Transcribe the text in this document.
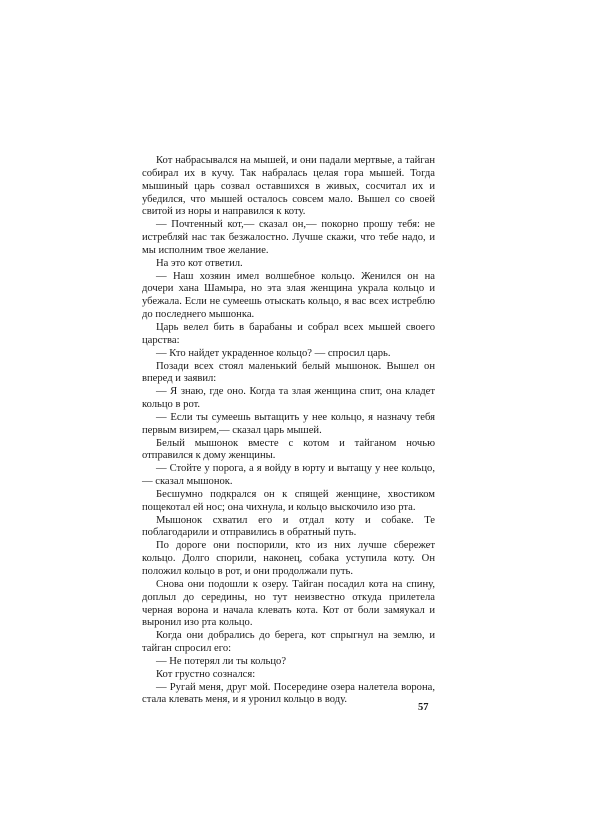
Кот набрасывался на мышей, и они падали мертвые, а тайган собирал их в кучу. Так набралась целая гора мышей. Тогда мышиный царь созвал оставшихся в живых, сосчитал их и убедился, что мышей осталось совсем мало. Вышел со своей свитой из норы и направился к коту.

— Почтенный кот,— сказал он,— покорно прошу тебя: не истребляй нас так безжалостно. Лучше скажи, что тебе надо, и мы исполним твое желание.

На это кот ответил.

— Наш хозяин имел волшебное кольцо. Женился он на дочери хана Шамыра, но эта злая женщина украла кольцо и убежала. Если не сумеешь отыскать кольцо, я вас всех истреблю до последнего мышонка.

Царь велел бить в барабаны и собрал всех мышей своего царства:

— Кто найдет украденное кольцо? — спросил царь.

Позади всех стоял маленький белый мышонок. Вышел он вперед и заявил:

— Я знаю, где оно. Когда та злая женщина спит, она кладет кольцо в рот.

— Если ты сумеешь вытащить у нее кольцо, я назначу тебя первым визирем,— сказал царь мышей.

Белый мышонок вместе с котом и тайганом ночью отправился к дому женщины.

— Стойте у порога, а я войду в юрту и вытащу у нее кольцо,— сказал мышонок.

Бесшумно подкрался он к спящей женщине, хвостиком пощекотал ей нос; она чихнула, и кольцо выскочило изо рта.

Мышонок схватил его и отдал коту и собаке. Те поблагодарили и отправились в обратный путь.

По дороге они поспорили, кто из них лучше сбережет кольцо. Долго спорили, наконец, собака уступила коту. Он положил кольцо в рот, и они продолжали путь.

Снова они подошли к озеру. Тайган посадил кота на спину, доплыл до середины, но тут неизвестно откуда прилетела черная ворона и начала клевать кота. Кот от боли замяукал и выронил изо рта кольцо.

Когда они добрались до берега, кот спрыгнул на землю, и тайган спросил его:

— Не потерял ли ты кольцо?

Кот грустно сознался:

— Ругай меня, друг мой. Посередине озера налетела ворона, стала клевать меня, и я уронил кольцо в воду.

57
